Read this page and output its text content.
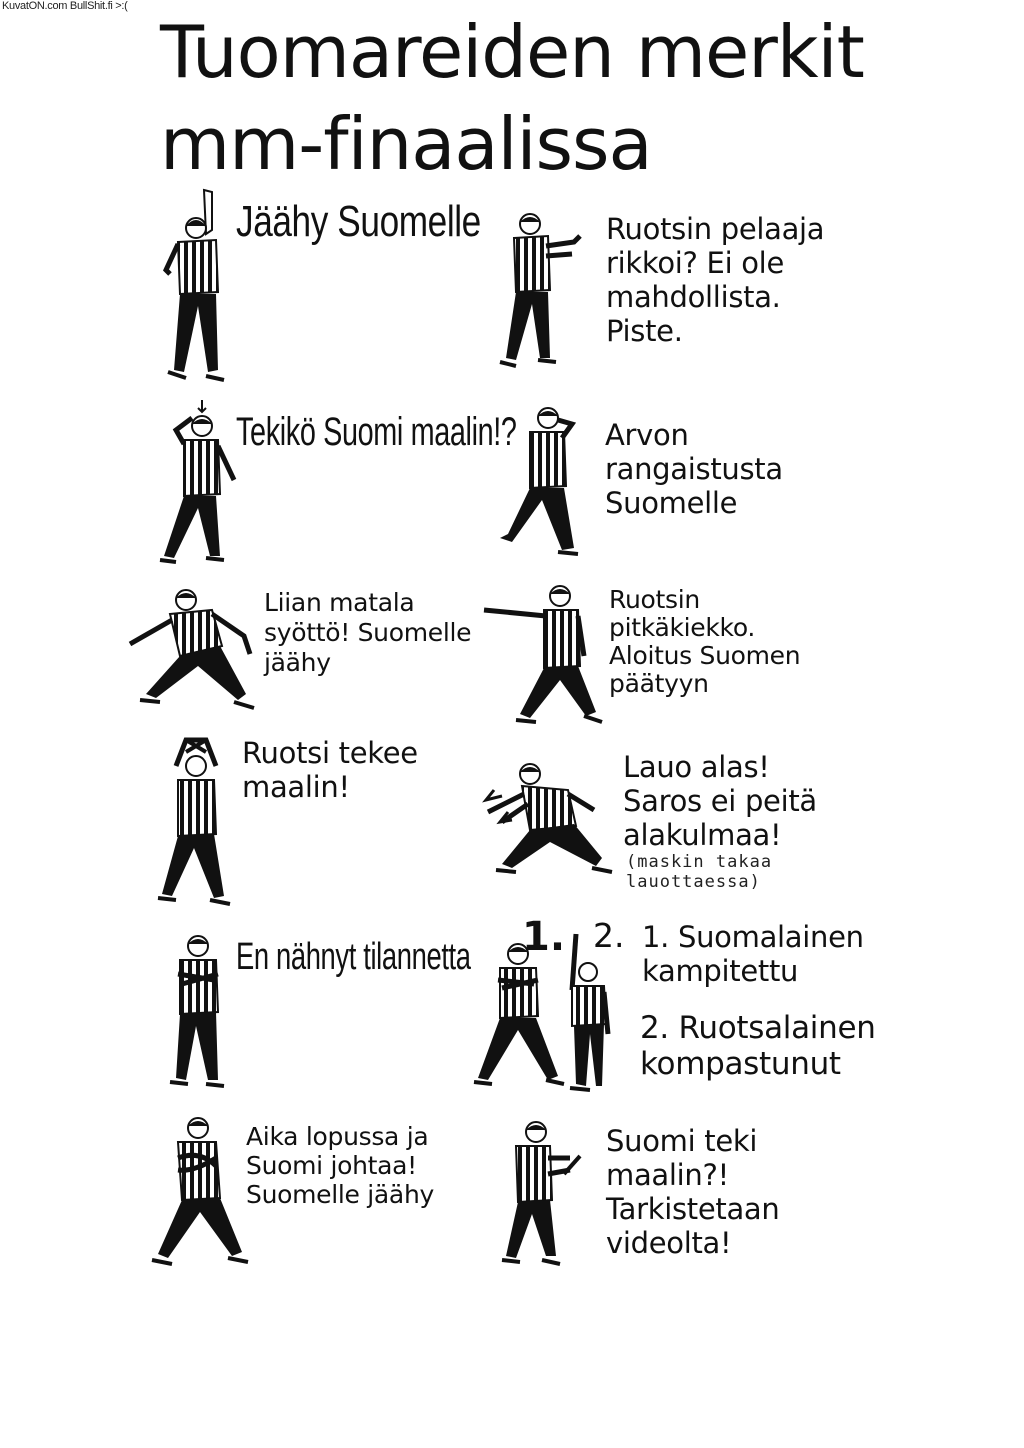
KuvatON.com BullShit.fi >:(
Tuomareiden merkit
mm-finaalissa

Jäähy Suomelle	Ruotsin pelaaja
rikkoi? Ei ole
mahdollista.
Piste.

Tekikö Suomi maalin!?	Arvon
rangaistusta
Suomelle

Liian matala
syöttö! Suomelle
jäähy

Ruotsin
pitkäkiekko.
Aloitus Suomen
päätyyn

Ruotsi tekee
maalin!

Lauo alas!
Saros ei peitä
alakulmaa!

(maskin takaa
lauottaessa)

En nähnyt tilannetta 1. 2. 1. Suomalainen
kampitettu

2. Ruotsalainen
kompastunut

Aika lopussa ja
Suomi johtaa!
Suomelle jäähy

Suomi teki
maalin?!
Tarkistetaan
videolta!
